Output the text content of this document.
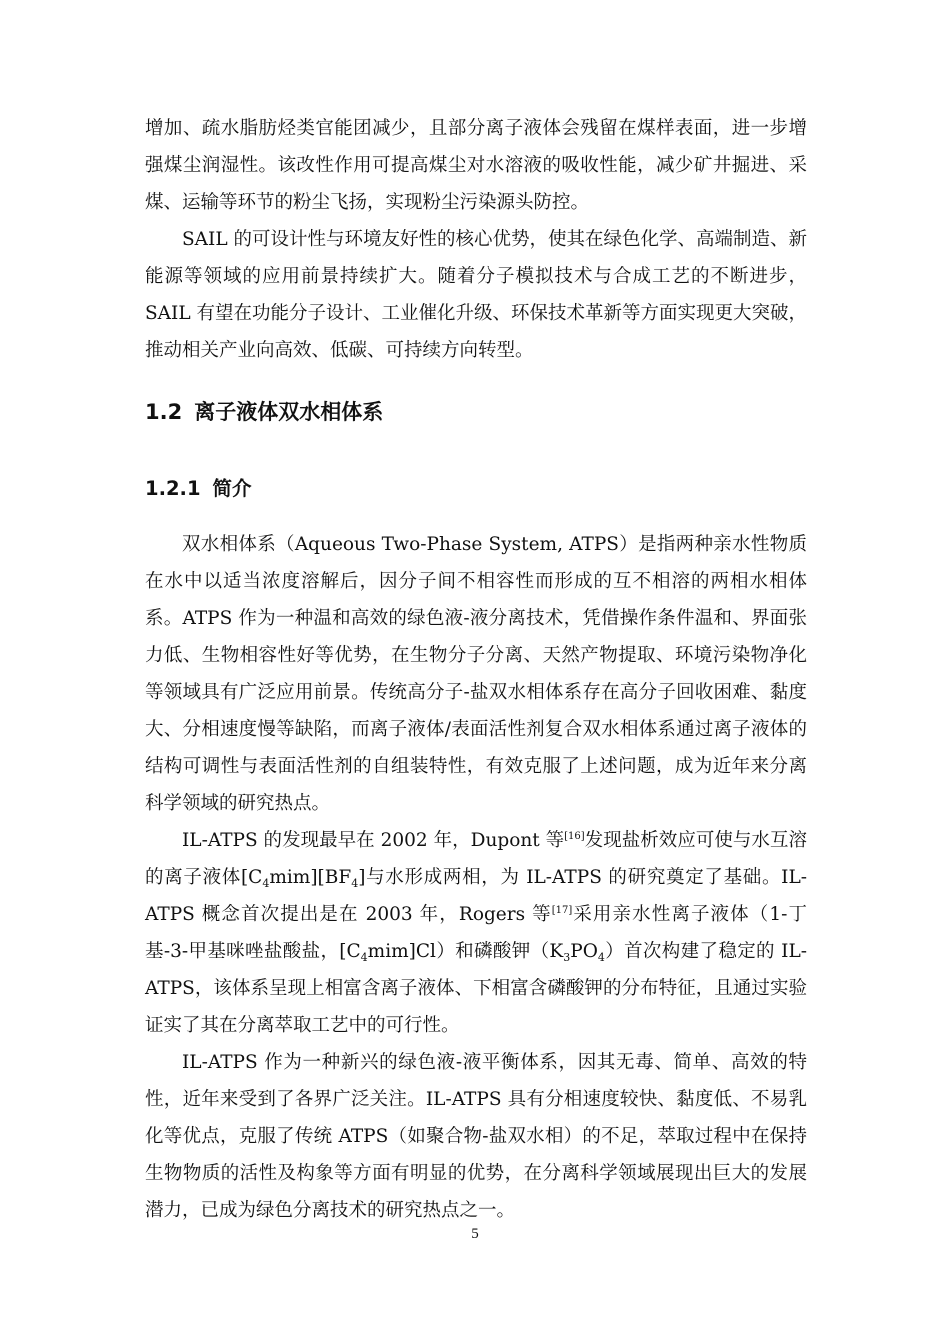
增加、疏水脂肪烃类官能团减少，且部分离子液体会残留在煤样表面，进一步增强煤尘润湿性。该改性作用可提高煤尘对水溶液的吸收性能，减少矿井掘进、采煤、运输等环节的粉尘飞扬，实现粉尘污染源头防控。

SAIL 的可设计性与环境友好性的核心优势，使其在绿色化学、高端制造、新能源等领域的应用前景持续扩大。随着分子模拟技术与合成工艺的不断进步，SAIL 有望在功能分子设计、工业催化升级、环保技术革新等方面实现更大突破，推动相关产业向高效、低碳、可持续方向转型。

1.2 离子液体双水相体系
1.2.1 简介

双水相体系（Aqueous Two-Phase System, ATPS）是指两种亲水性物质在水中以适当浓度溶解后，因分子间不相容性而形成的互不相溶的两相水相体系。ATPS 作为一种温和高效的绿色液-液分离技术，凭借操作条件温和、界面张力低、生物相容性好等优势，在生物分子分离、天然产物提取、环境污染物净化等领域具有广泛应用前景。传统高分子-盐双水相体系存在高分子回收困难、黏度大、分相速度慢等缺陷，而离子液体/表面活性剂复合双水相体系通过离子液体的结构可调性与表面活性剂的自组装特性，有效克服了上述问题，成为近年来分离科学领域的研究热点。

IL-ATPS 的发现最早在 2002 年，Dupont 等[16]发现盐析效应可使与水互溶的离子液体$[C_4mim][BF_4]$与水形成两相，为 IL-ATPS 的研究奠定了基础。IL-ATPS 概念首次提出是在 2003 年，Rogers 等[17]采用亲水性离子液体（1-丁基-3-甲基咪唑盐酸盐，$[C_4mim]Cl$）和磷酸钾$(K_3PO_4)$首次构建了稳定的 IL-ATPS，该体系呈现上相富含离子液体、下相富含磷酸钾的分布特征，且通过实验证实了其在分离萃取工艺中的可行性。

IL-ATPS 作为一种新兴的绿色液-液平衡体系，因其无毒、简单、高效的特性，近年来受到了各界广泛关注。IL-ATPS 具有分相速度较快、黏度低、不易乳化等优点，克服了传统 ATPS（如聚合物-盐双水相）的不足，萃取过程中在保持生物物质的活性及构象等方面有明显的优势，在分离科学领域展现出巨大的发展潜力，已成为绿色分离技术的研究热点之一。

5
